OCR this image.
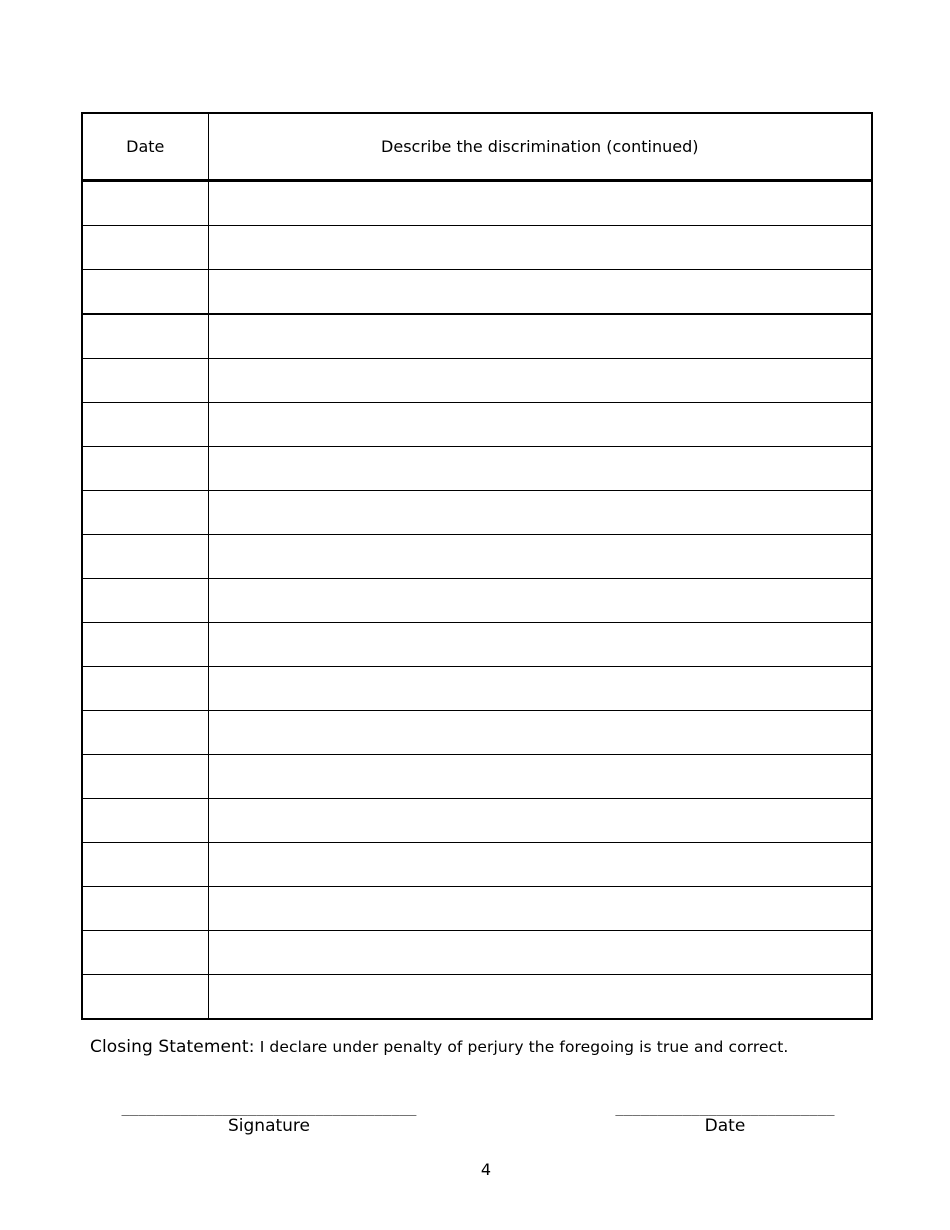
Date	Describe the discrimination (continued)

Closing Statement: I declare under penalty of perjury the foregoing is true and correct.
___________________________________
Signature
__________________________
Date
4
